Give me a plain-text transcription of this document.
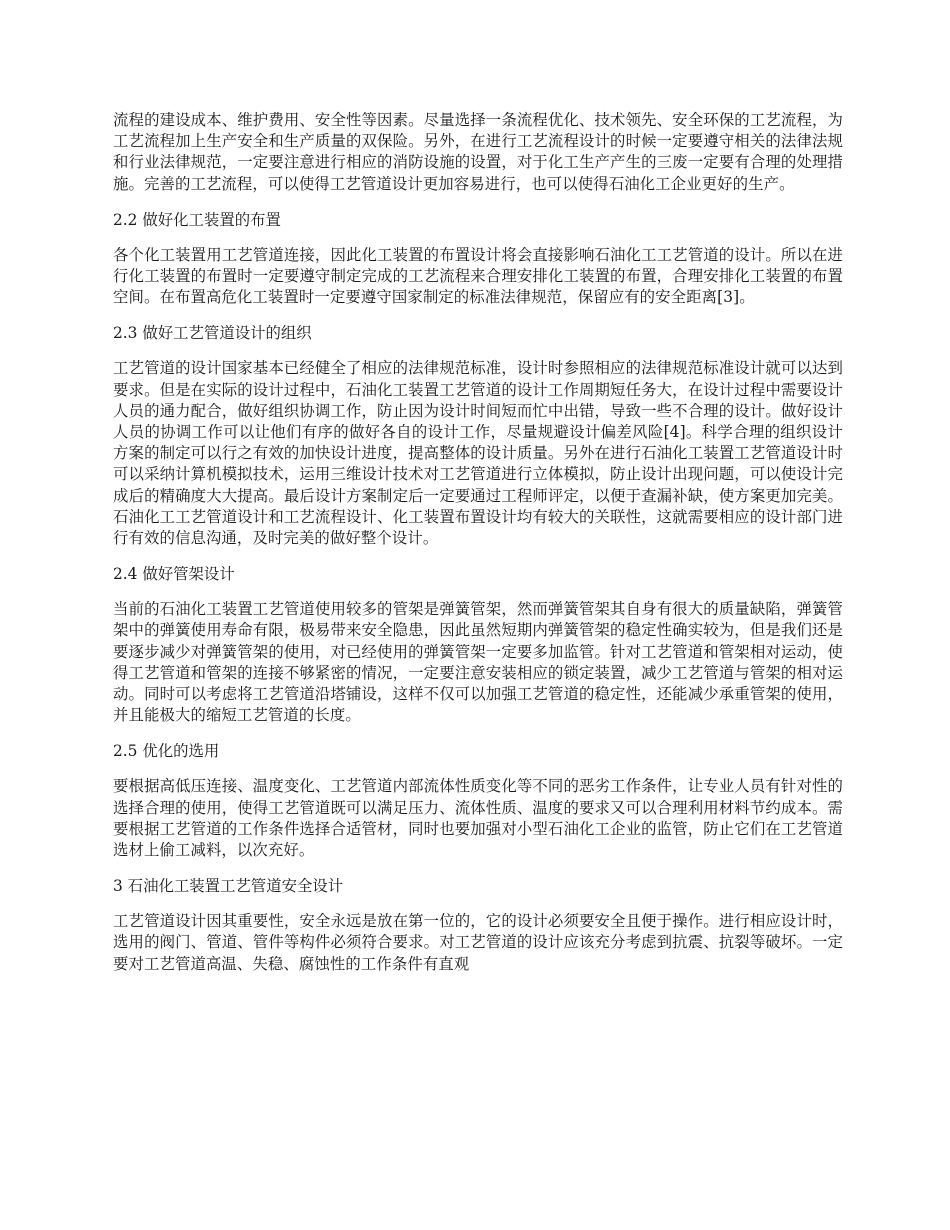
流程的建设成本、维护费用、安全性等因素。尽量选择一条流程优化、技术领先、安全环保的工艺流程，为工艺流程加上生产安全和生产质量的双保险。另外，在进行工艺流程设计的时候一定要遵守相关的法律法规和行业法律规范，一定要注意进行相应的消防设施的设置，对于化工生产产生的三废一定要有合理的处理措施。完善的工艺流程，可以使得工艺管道设计更加容易进行，也可以使得石油化工企业更好的生产。

2.2 做好化工装置的布置

各个化工装置用工艺管道连接，因此化工装置的布置设计将会直接影响石油化工工艺管道的设计。所以在进行化工装置的布置时一定要遵守制定完成的工艺流程来合理安排化工装置的布置，合理安排化工装置的布置空间。在布置高危化工装置时一定要遵守国家制定的标准法律规范，保留应有的安全距离[3]。

2.3 做好工艺管道设计的组织

工艺管道的设计国家基本已经健全了相应的法律规范标准，设计时参照相应的法律规范标准设计就可以达到要求。但是在实际的设计过程中，石油化工装置工艺管道的设计工作周期短任务大，在设计过程中需要设计人员的通力配合，做好组织协调工作，防止因为设计时间短而忙中出错，导致一些不合理的设计。做好设计人员的协调工作可以让他们有序的做好各自的设计工作，尽量规避设计偏差风险[4]。科学合理的组织设计方案的制定可以行之有效的加快设计进度，提高整体的设计质量。另外在进行石油化工装置工艺管道设计时可以采纳计算机模拟技术，运用三维设计技术对工艺管道进行立体模拟，防止设计出现问题，可以使设计完成后的精确度大大提高。最后设计方案制定后一定要通过工程师评定，以便于查漏补缺，使方案更加完美。石油化工工艺管道设计和工艺流程设计、化工装置布置设计均有较大的关联性，这就需要相应的设计部门进行有效的信息沟通，及时完美的做好整个设计。

2.4 做好管架设计

当前的石油化工装置工艺管道使用较多的管架是弹簧管架，然而弹簧管架其自身有很大的质量缺陷，弹簧管架中的弹簧使用寿命有限，极易带来安全隐患，因此虽然短期内弹簧管架的稳定性确实较为，但是我们还是要逐步减少对弹簧管架的使用，对已经使用的弹簧管架一定要多加监管。针对工艺管道和管架相对运动，使得工艺管道和管架的连接不够紧密的情况，一定要注意安装相应的锁定装置，减少工艺管道与管架的相对运动。同时可以考虑将工艺管道沿塔铺设，这样不仅可以加强工艺管道的稳定性，还能减少承重管架的使用，并且能极大的缩短工艺管道的长度。

2.5 优化的选用

要根据高低压连接、温度变化、工艺管道内部流体性质变化等不同的恶劣工作条件，让专业人员有针对性的选择合理的使用，使得工艺管道既可以满足压力、流体性质、温度的要求又可以合理利用材料节约成本。需要根据工艺管道的工作条件选择合适管材，同时也要加强对小型石油化工企业的监管，防止它们在工艺管道选材上偷工减料，以次充好。

3 石油化工装置工艺管道安全设计

工艺管道设计因其重要性，安全永远是放在第一位的，它的设计必须要安全且便于操作。进行相应设计时，选用的阀门、管道、管件等构件必须符合要求。对工艺管道的设计应该充分考虑到抗震、抗裂等破坏。一定要对工艺管道高温、失稳、腐蚀性的工作条件有直观
